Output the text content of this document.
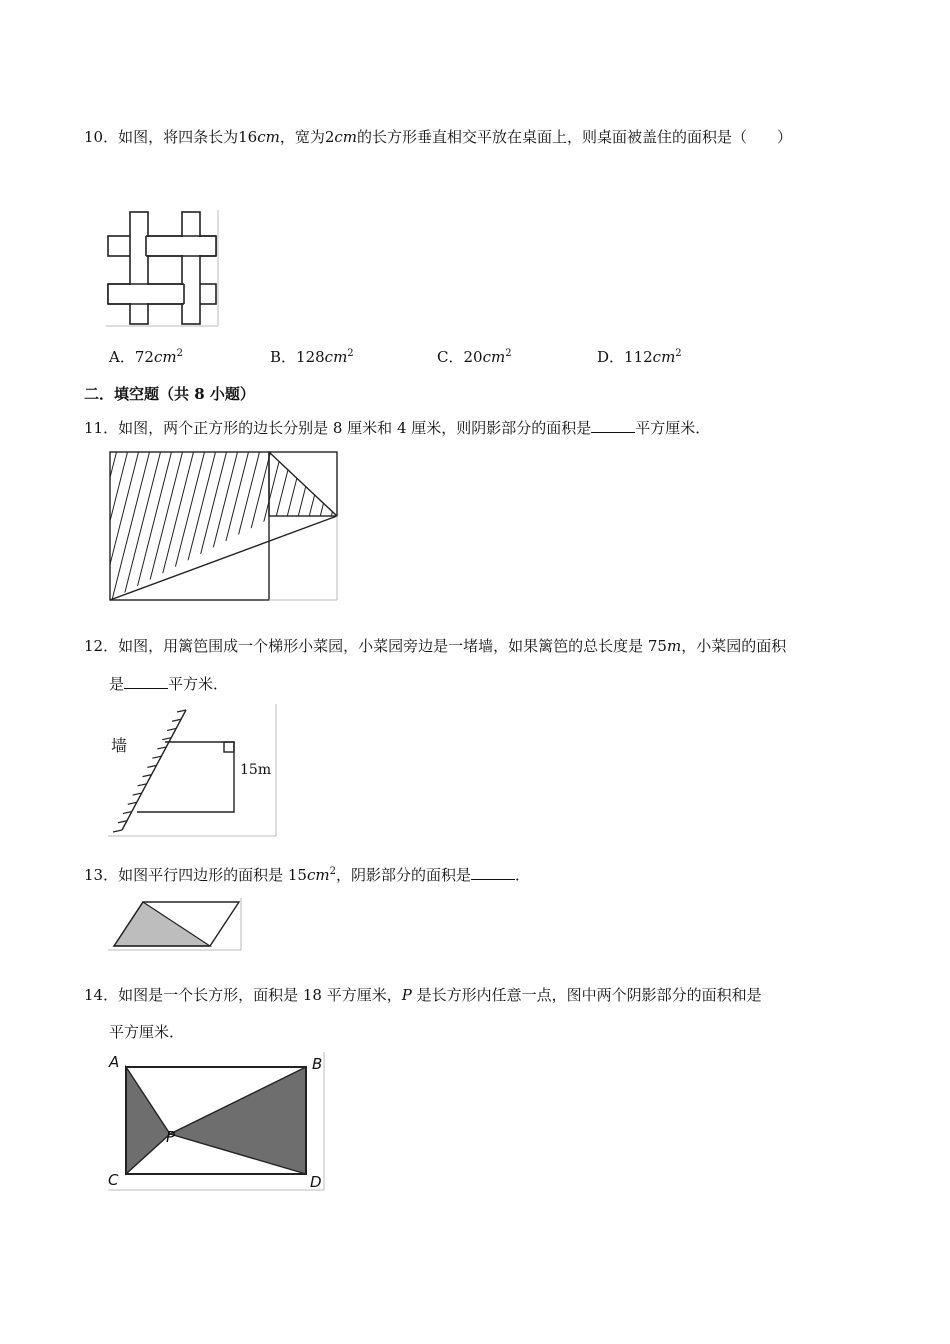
10．如图，将四条长为16cm，宽为2cm的长方形垂直相交平放在桌面上，则桌面被盖住的面积是（　　）
A．$72cm^2$	B．$128cm^2$	C．$20cm^2$	D．$112cm^2$
二．填空题（共 8 小题）
11．如图，两个正方形的边长分别是 8 厘米和 4 厘米，则阴影部分的面积是	平方厘米．
12．如图，用篱笆围成一个梯形小菜园，小菜园旁边是一堵墙，如果篱笆的总长度是 75m，小菜园的面积
是	平方米．
墙
15m
13．如图平行四边形的面积是 $15cm^2$，阴影部分的面积是	．
14．如图是一个长方形，面积是 18 平方厘米，P 是长方形内任意一点，图中两个阴影部分的面积和是
平方厘米．
A	B
C	D
P
